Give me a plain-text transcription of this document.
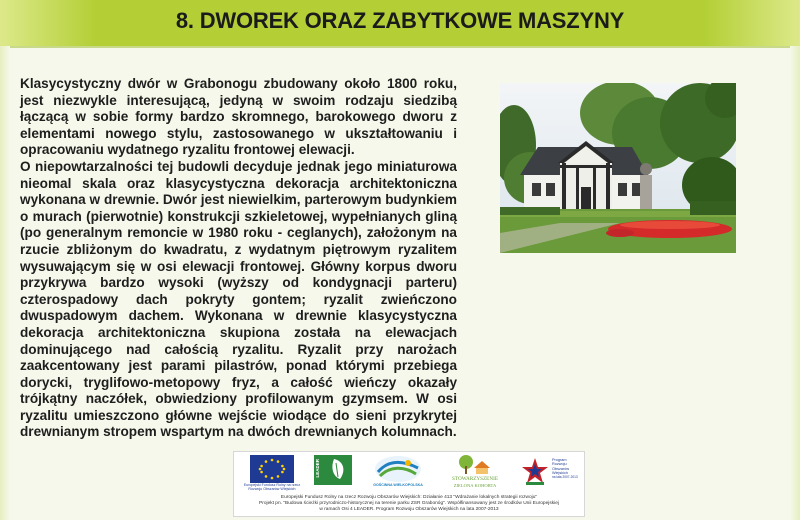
8. DWOREK ORAZ ZABYTKOWE MASZYNY

Klasycystyczny dwór w Grabonogu zbudowany około 1800 roku, jest niezwykle interesującą, jedyną w swoim rodzaju siedzibą łączącą w sobie formy bardzo skromnego, barokowego dworu z elementami nowego stylu, zastosowanego w ukształtowaniu i opracowaniu wydatnego ryzalitu frontowej elewacji.

O niepowtarzalności tej budowli decyduje jednak jego miniaturowa nieomal skala oraz klasycystyczna dekoracja architektoniczna wykonana w drewnie. Dwór jest niewielkim, parterowym budynkiem o murach (pierwotnie) konstrukcji szkieletowej, wypełnianych gliną (po generalnym remoncie w 1980 roku - ceglanych), założonym na rzucie zbliżonym do kwadratu, z wydatnym piętrowym ryzalitem wysuwającym się w osi elewacji frontowej. Główny korpus dworu przykrywa bardzo wysoki (wyższy od kondygnacji parteru) czterospadowy dach pokryty gontem; ryzalit zwieńczono dwuspadowym dachem. Wykonana w drewnie klasycystyczna dekoracja architektoniczna skupiona została na elewacjach dominującego nad całością ryzalitu. Ryzalit przy narożach zaakcentowany jest parami pilastrów, ponad którymi przebiega dorycki, tryglifowo-metopowy fryz, a całość wieńczy okazały trójkątny naczółek, obwiedziony profilowanym gzymsem. W osi ryzalitu umieszczono główne wejście wiodące do sieni przykrytej drewnianym stropem wspartym na dwóch drewnianych kolumnach.

Europejski Fundusz Rolny na rzecz Rozwoju Obszarów Wiejskich
LEADER
GOŚCINNA WIELKOPOLSKA
STOWARZYSZENIE
ZIELONA KOHORTA
Program
Rozwoju
Obszarów
Wiejskich
na lata 2007-2013
Europejski Fundusz Rolny na rzecz Rozwoju Obszarów Wiejskich: Działanie 413 "Wdrażanie lokalnych strategii rozwoju"
Projekt pn. "Budowa ścieżki przyrodniczo-historycznej na terenie parku ZSR Grabonóg". Współfinansowany jest ze środków Unii Europejskiej
w ramach Osi 4 LEADER. Program Rozwoju Obszarów Wiejskich na lata 2007-2013
